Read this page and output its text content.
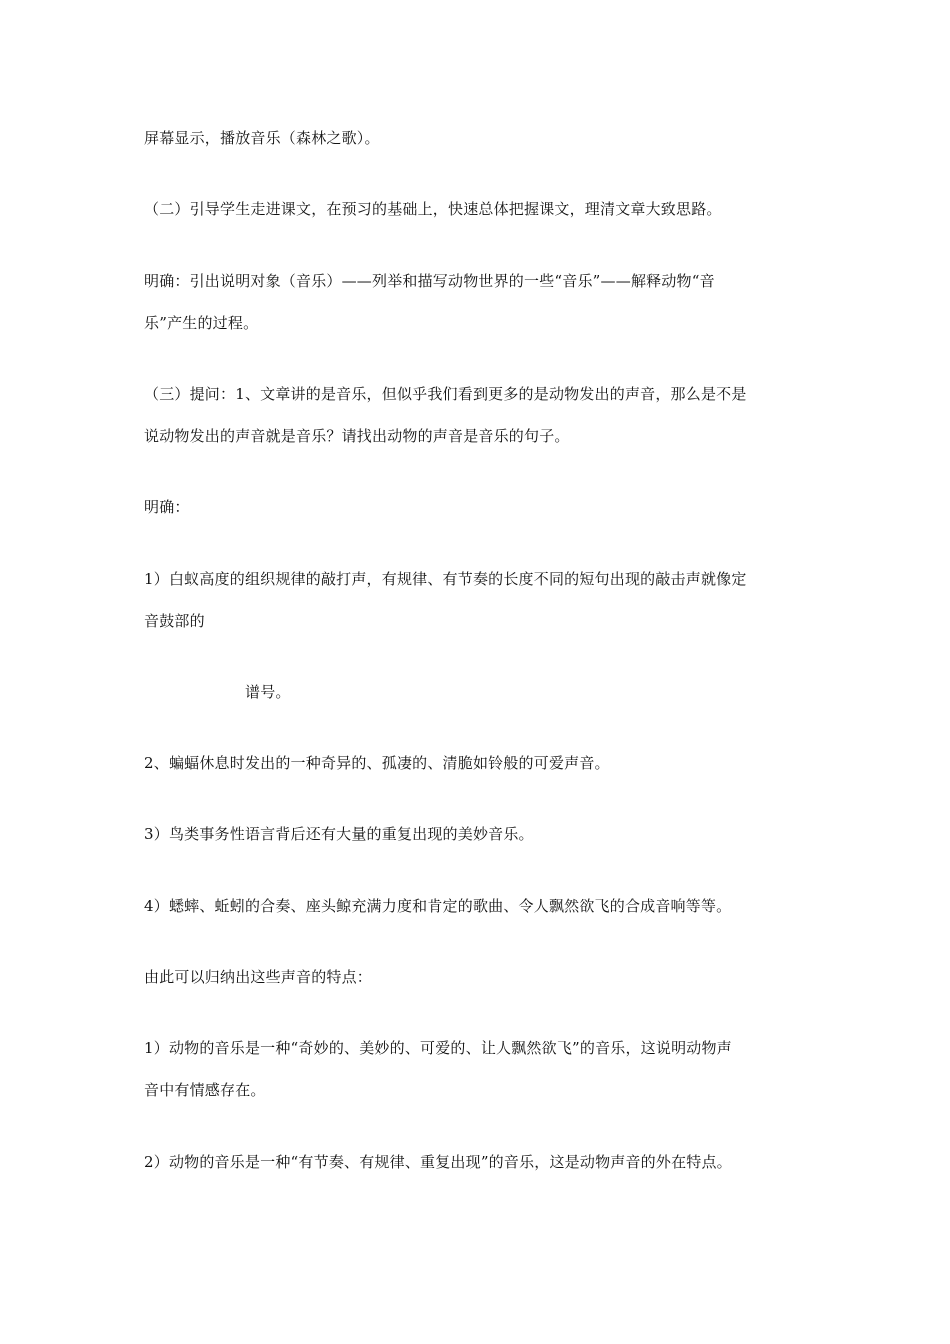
屏幕显示，播放音乐（森林之歌）。
（二）引导学生走进课文，在预习的基础上，快速总体把握课文，理清文章大致思路。
明确：引出说明对象（音乐）——列举和描写动物世界的一些“音乐”——解释动物“音
乐”产生的过程。
（三）提问：1、文章讲的是音乐，但似乎我们看到更多的是动物发出的声音，那么是不是
说动物发出的声音就是音乐？请找出动物的声音是音乐的句子。
明确：
1）白蚁高度的组织规律的敲打声，有规律、有节奏的长度不同的短句出现的敲击声就像定
音鼓部的
谱号。
2、蝙蝠休息时发出的一种奇异的、孤凄的、清脆如铃般的可爱声音。
3）鸟类事务性语言背后还有大量的重复出现的美妙音乐。
4）蟋蟀、蚯蚓的合奏、座头鲸充满力度和肯定的歌曲、令人飘然欲飞的合成音响等等。
由此可以归纳出这些声音的特点：
1）动物的音乐是一种“奇妙的、美妙的、可爱的、让人飘然欲飞”的音乐，这说明动物声
音中有情感存在。
2）动物的音乐是一种“有节奏、有规律、重复出现”的音乐，这是动物声音的外在特点。
